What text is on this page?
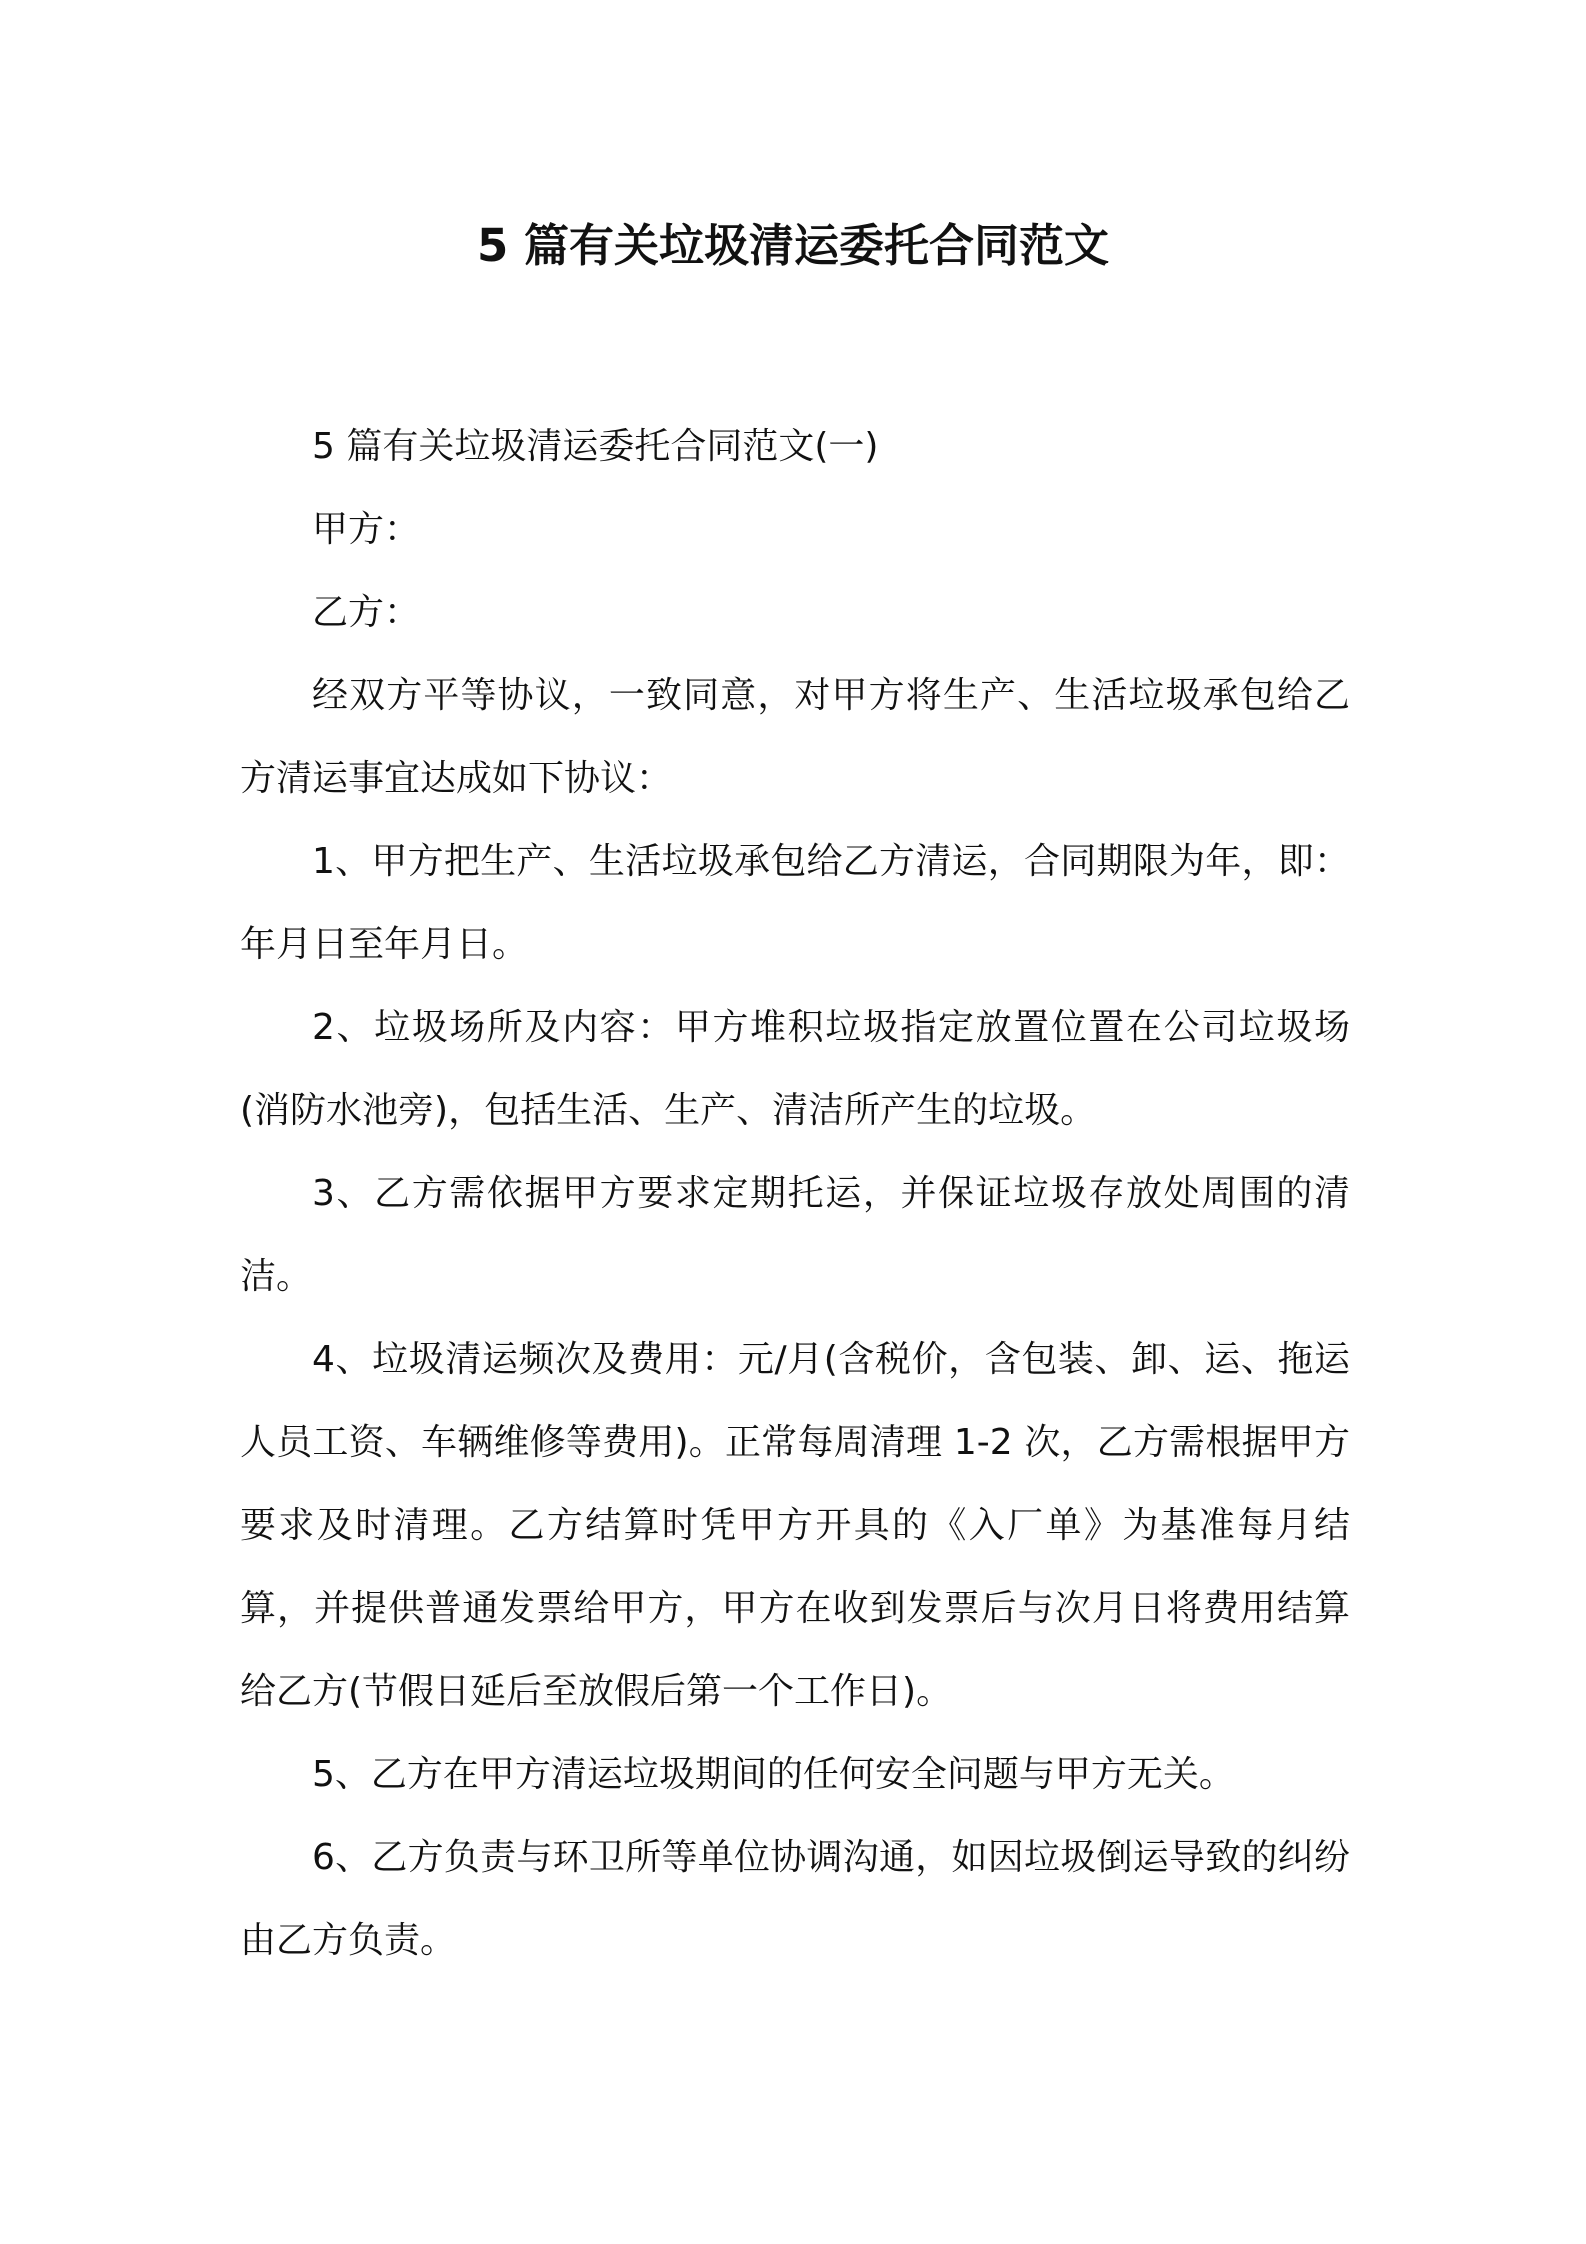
5 篇有关垃圾清运委托合同范文

5 篇有关垃圾清运委托合同范文(一)

甲方：

乙方：

经双方平等协议，一致同意，对甲方将生产、生活垃圾承包给乙方清运事宜达成如下协议：

1、甲方把生产、生活垃圾承包给乙方清运，合同期限为年，即：年月日至年月日。

2、垃圾场所及内容：甲方堆积垃圾指定放置位置在公司垃圾场(消防水池旁)，包括生活、生产、清洁所产生的垃圾。

3、乙方需依据甲方要求定期托运，并保证垃圾存放处周围的清洁。

4、垃圾清运频次及费用：元/月(含税价，含包装、卸、运、拖运人员工资、车辆维修等费用)。正常每周清理 1-2 次，乙方需根据甲方要求及时清理。乙方结算时凭甲方开具的《入厂单》为基准每月结算，并提供普通发票给甲方，甲方在收到发票后与次月日将费用结算给乙方(节假日延后至放假后第一个工作日)。

5、乙方在甲方清运垃圾期间的任何安全问题与甲方无关。

6、乙方负责与环卫所等单位协调沟通，如因垃圾倒运导致的纠纷由乙方负责。
